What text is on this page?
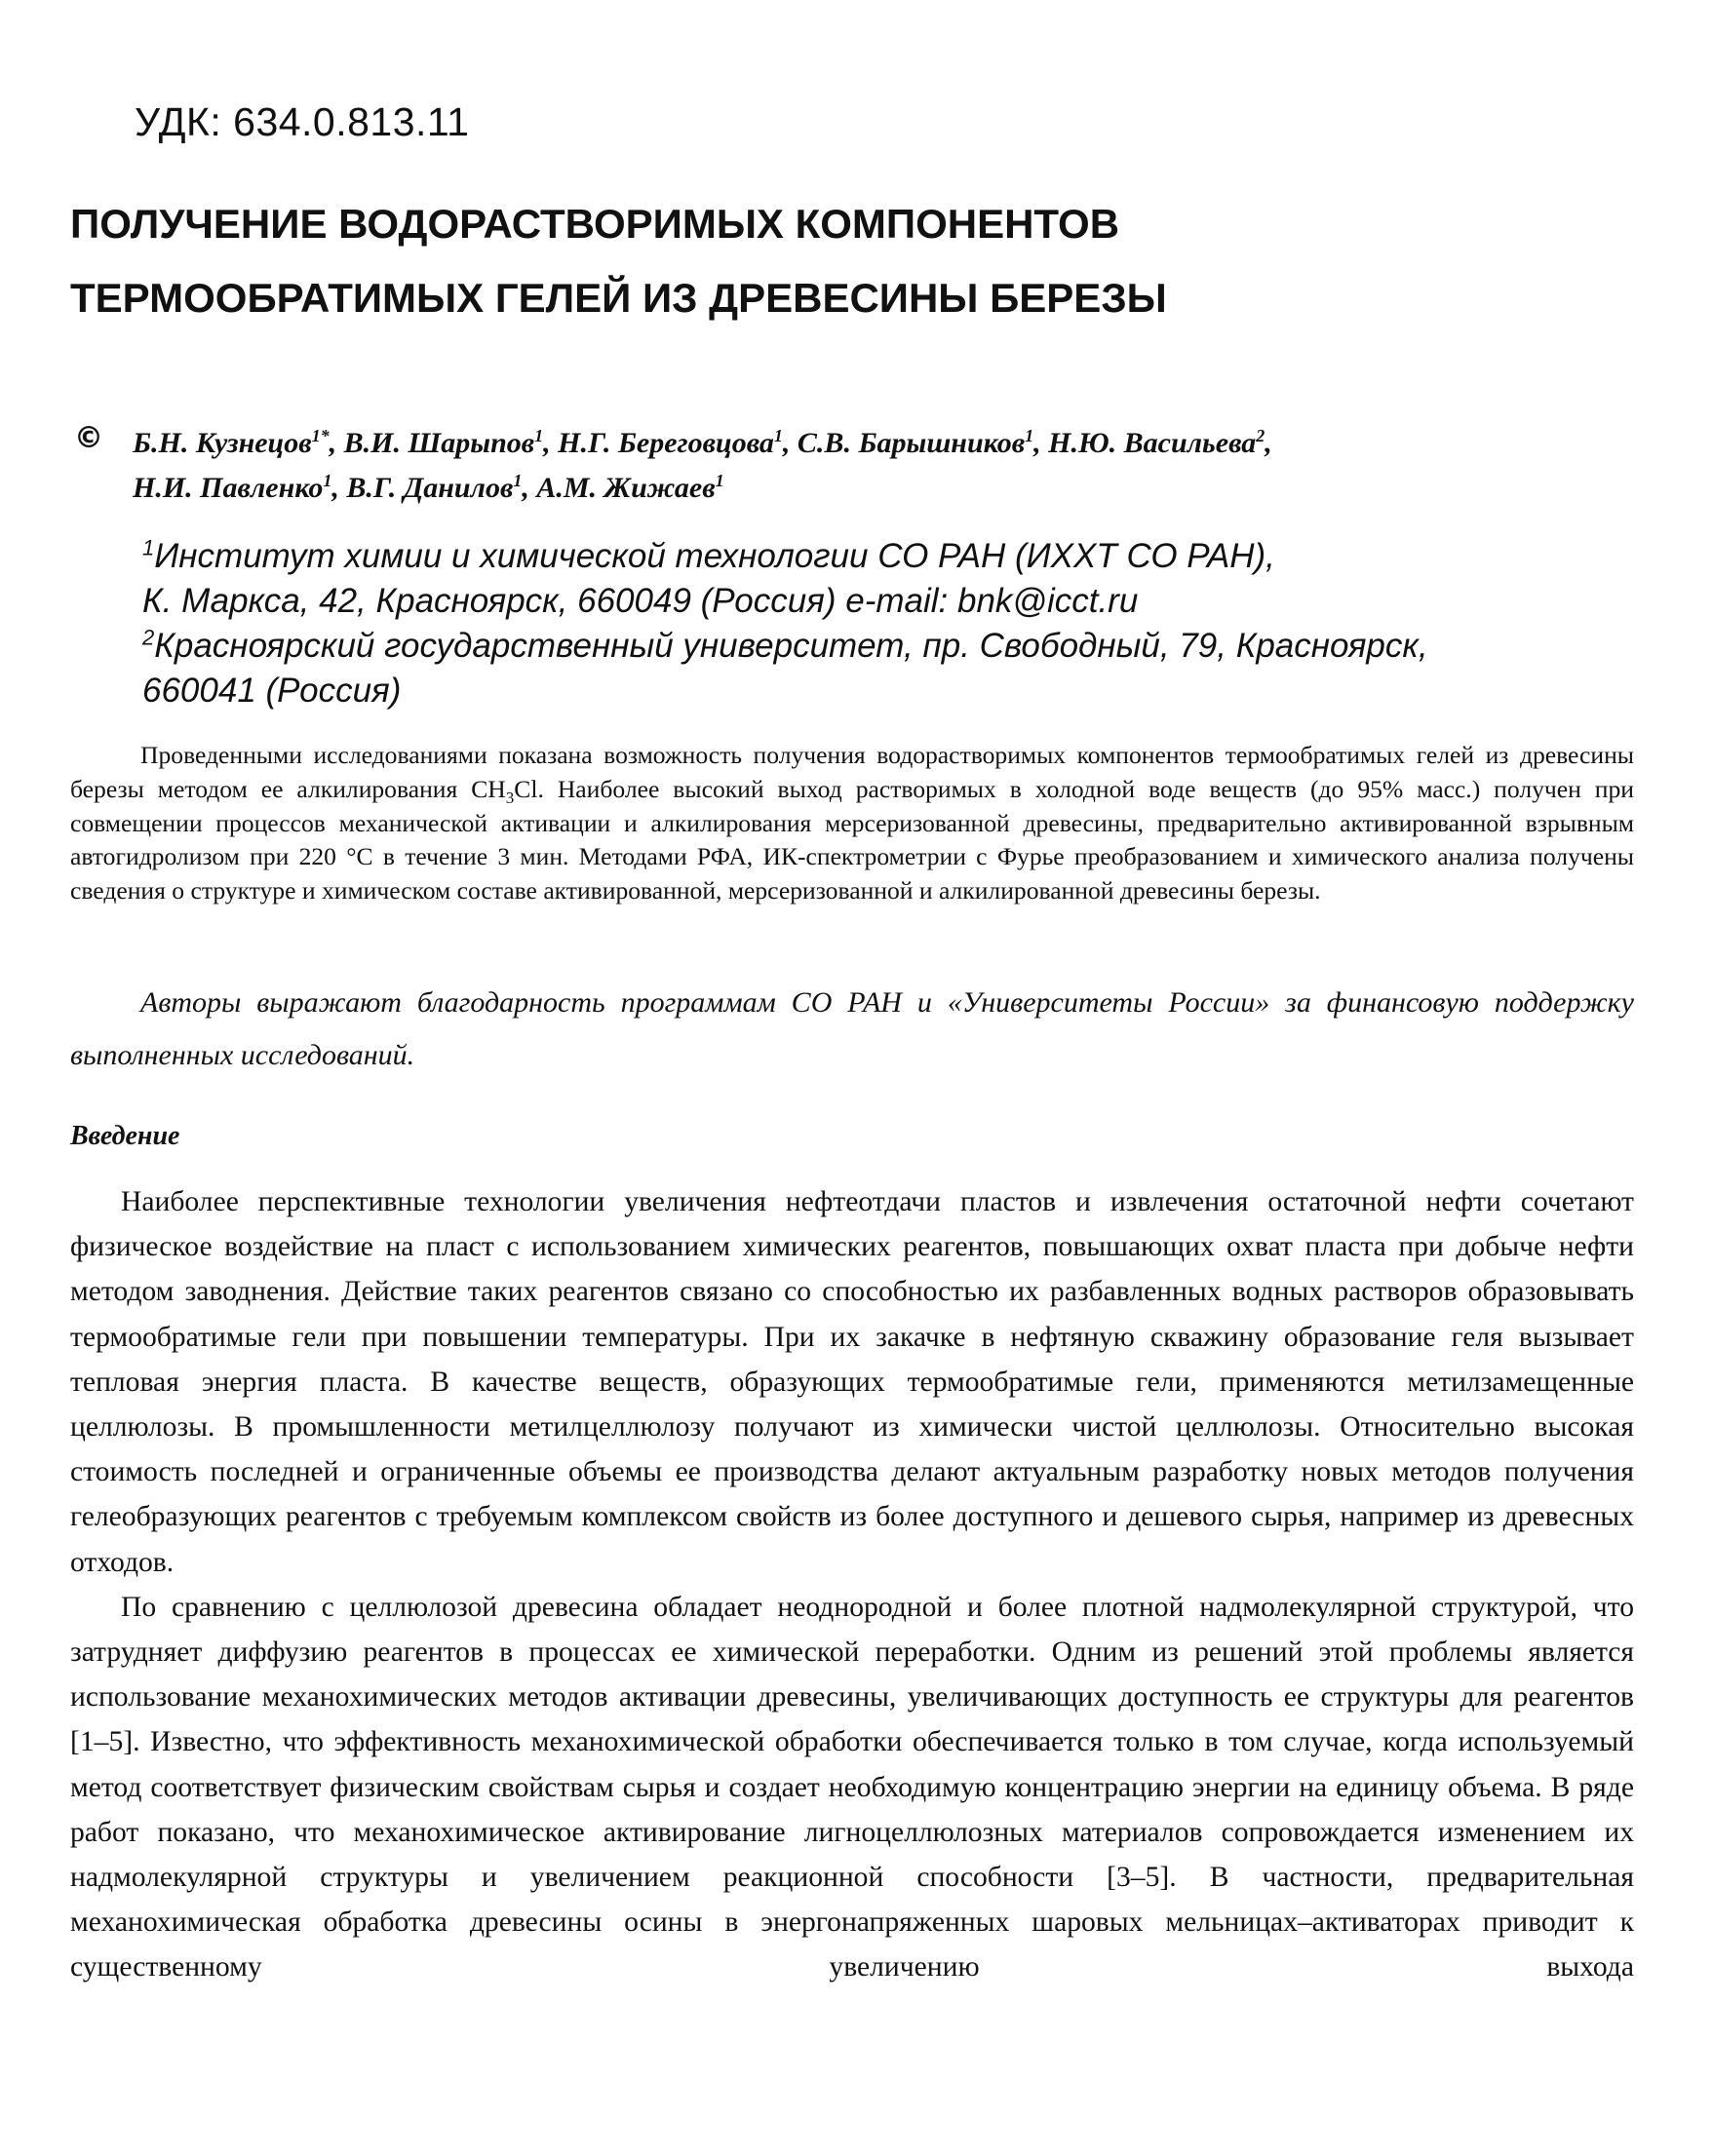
УДК: 634.0.813.11
ПОЛУЧЕНИЕ ВОДОРАСТВОРИМЫХ КОМПОНЕНТОВ
ТЕРМООБРАТИМЫХ ГЕЛЕЙ ИЗ ДРЕВЕСИНЫ БЕРЕЗЫ
© Б.Н. Кузнецов$^{1*}$, В.И. Шарыпов$^1$, Н.Г. Береговцова$^1$, С.В. Барышников$^1$, Н.Ю. Васильева$^2$,
Н.И. Павленко$^1$, В.Г. Данилов$^1$, А.М. Жижаев$^1$
$^1$Институт химии и химической технологии СО РАН (ИХХТ СО РАН),
К. Маркса, 42, Красноярск, 660049 (Россия) e-mail: bnk@icct.ru
$^2$Красноярский государственный университет, пр. Свободный, 79, Красноярск,
660041 (Россия)
Проведенными исследованиями показана возможность получения водорастворимых компонентов термообратимых гелей из древесины березы методом ее алкилирования $CH_3Cl$. Наиболее высокий выход растворимых в холодной воде веществ (до 95% масс.) получен при совмещении процессов механической активации и алкилирования мерсеризованной древесины, предварительно активированной взрывным автогидролизом при 220 °С в течение 3 мин. Методами РФА, ИК-спектрометрии с Фурье преобразованием и химического анализа получены сведения о структуре и химическом составе активированной, мерсеризованной и алкилированной древесины березы.
Авторы выражают благодарность программам СО РАН и «Университеты России» за финансовую поддержку выполненных исследований.
Введение

Наиболее перспективные технологии увеличения нефтеотдачи пластов и извлечения остаточной нефти сочетают физическое воздействие на пласт с использованием химических реагентов, повышающих охват пласта при добыче нефти методом заводнения. Действие таких реагентов связано со способностью их разбавленных водных растворов образовывать термообратимые гели при повышении температуры. При их закачке в нефтяную скважину образование геля вызывает тепловая энергия пласта. В качестве веществ, образующих термообратимые гели, применяются метилзамещенные целлюлозы. В промышленности метилцеллюлозу получают из химически чистой целлюлозы. Относительно высокая стоимость последней и ограниченные объемы ее производства делают актуальным разработку новых методов получения гелеобразующих реагентов с требуемым комплексом свойств из более доступного и дешевого сырья, например из древесных отходов.

По сравнению с целлюлозой древесина обладает неоднородной и более плотной надмолекулярной структурой, что затрудняет диффузию реагентов в процессах ее химической переработки. Одним из решений этой проблемы является использование механохимических методов активации древесины, увеличивающих доступность ее структуры для реагентов [1–5]. Известно, что эффективность механохимической обработки обеспечивается только в том случае, когда используемый метод соответствует физическим свойствам сырья и создает необходимую концентрацию энергии на единицу объема. В ряде работ показано, что механохимическое активирование лигноцеллюлозных материалов сопровождается изменением их надмолекулярной структуры и увеличением реакционной способности [3–5]. В частности, предварительная механохимическая обработка древесины осины в энергонапряженных шаровых мельницах–активаторах приводит к существенному увеличению выхода
